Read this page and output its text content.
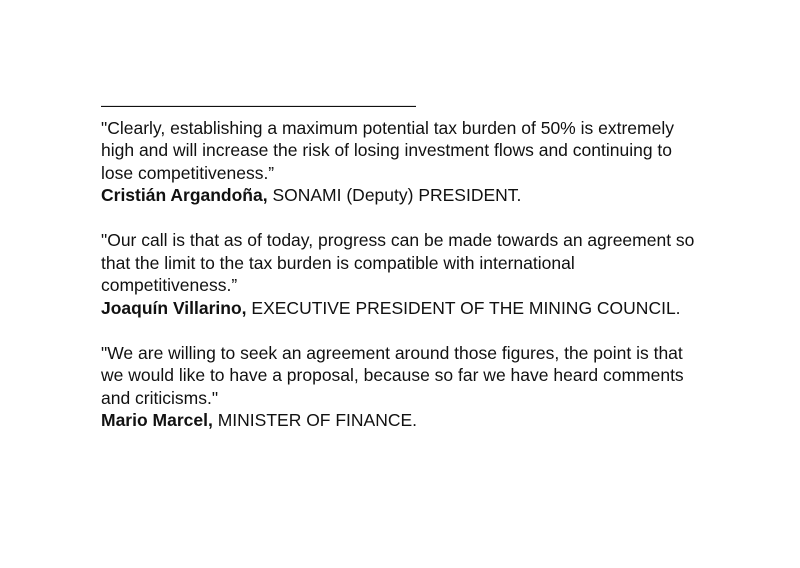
——————————————————
"Clearly, establishing a maximum potential tax burden of 50% is extremely high and will increase the risk of losing investment flows and continuing to lose competitiveness.”
Cristián Argandoña, SONAMI (Deputy) PRESIDENT.
"Our call is that as of today, progress can be made towards an agreement so that the limit to the tax burden is compatible with international competitiveness.”
Joaquín Villarino, EXECUTIVE PRESIDENT OF THE MINING COUNCIL.
"We are willing to seek an agreement around those figures, the point is that we would like to have a proposal, because so far we have heard comments and criticisms."
Mario Marcel, MINISTER OF FINANCE.
